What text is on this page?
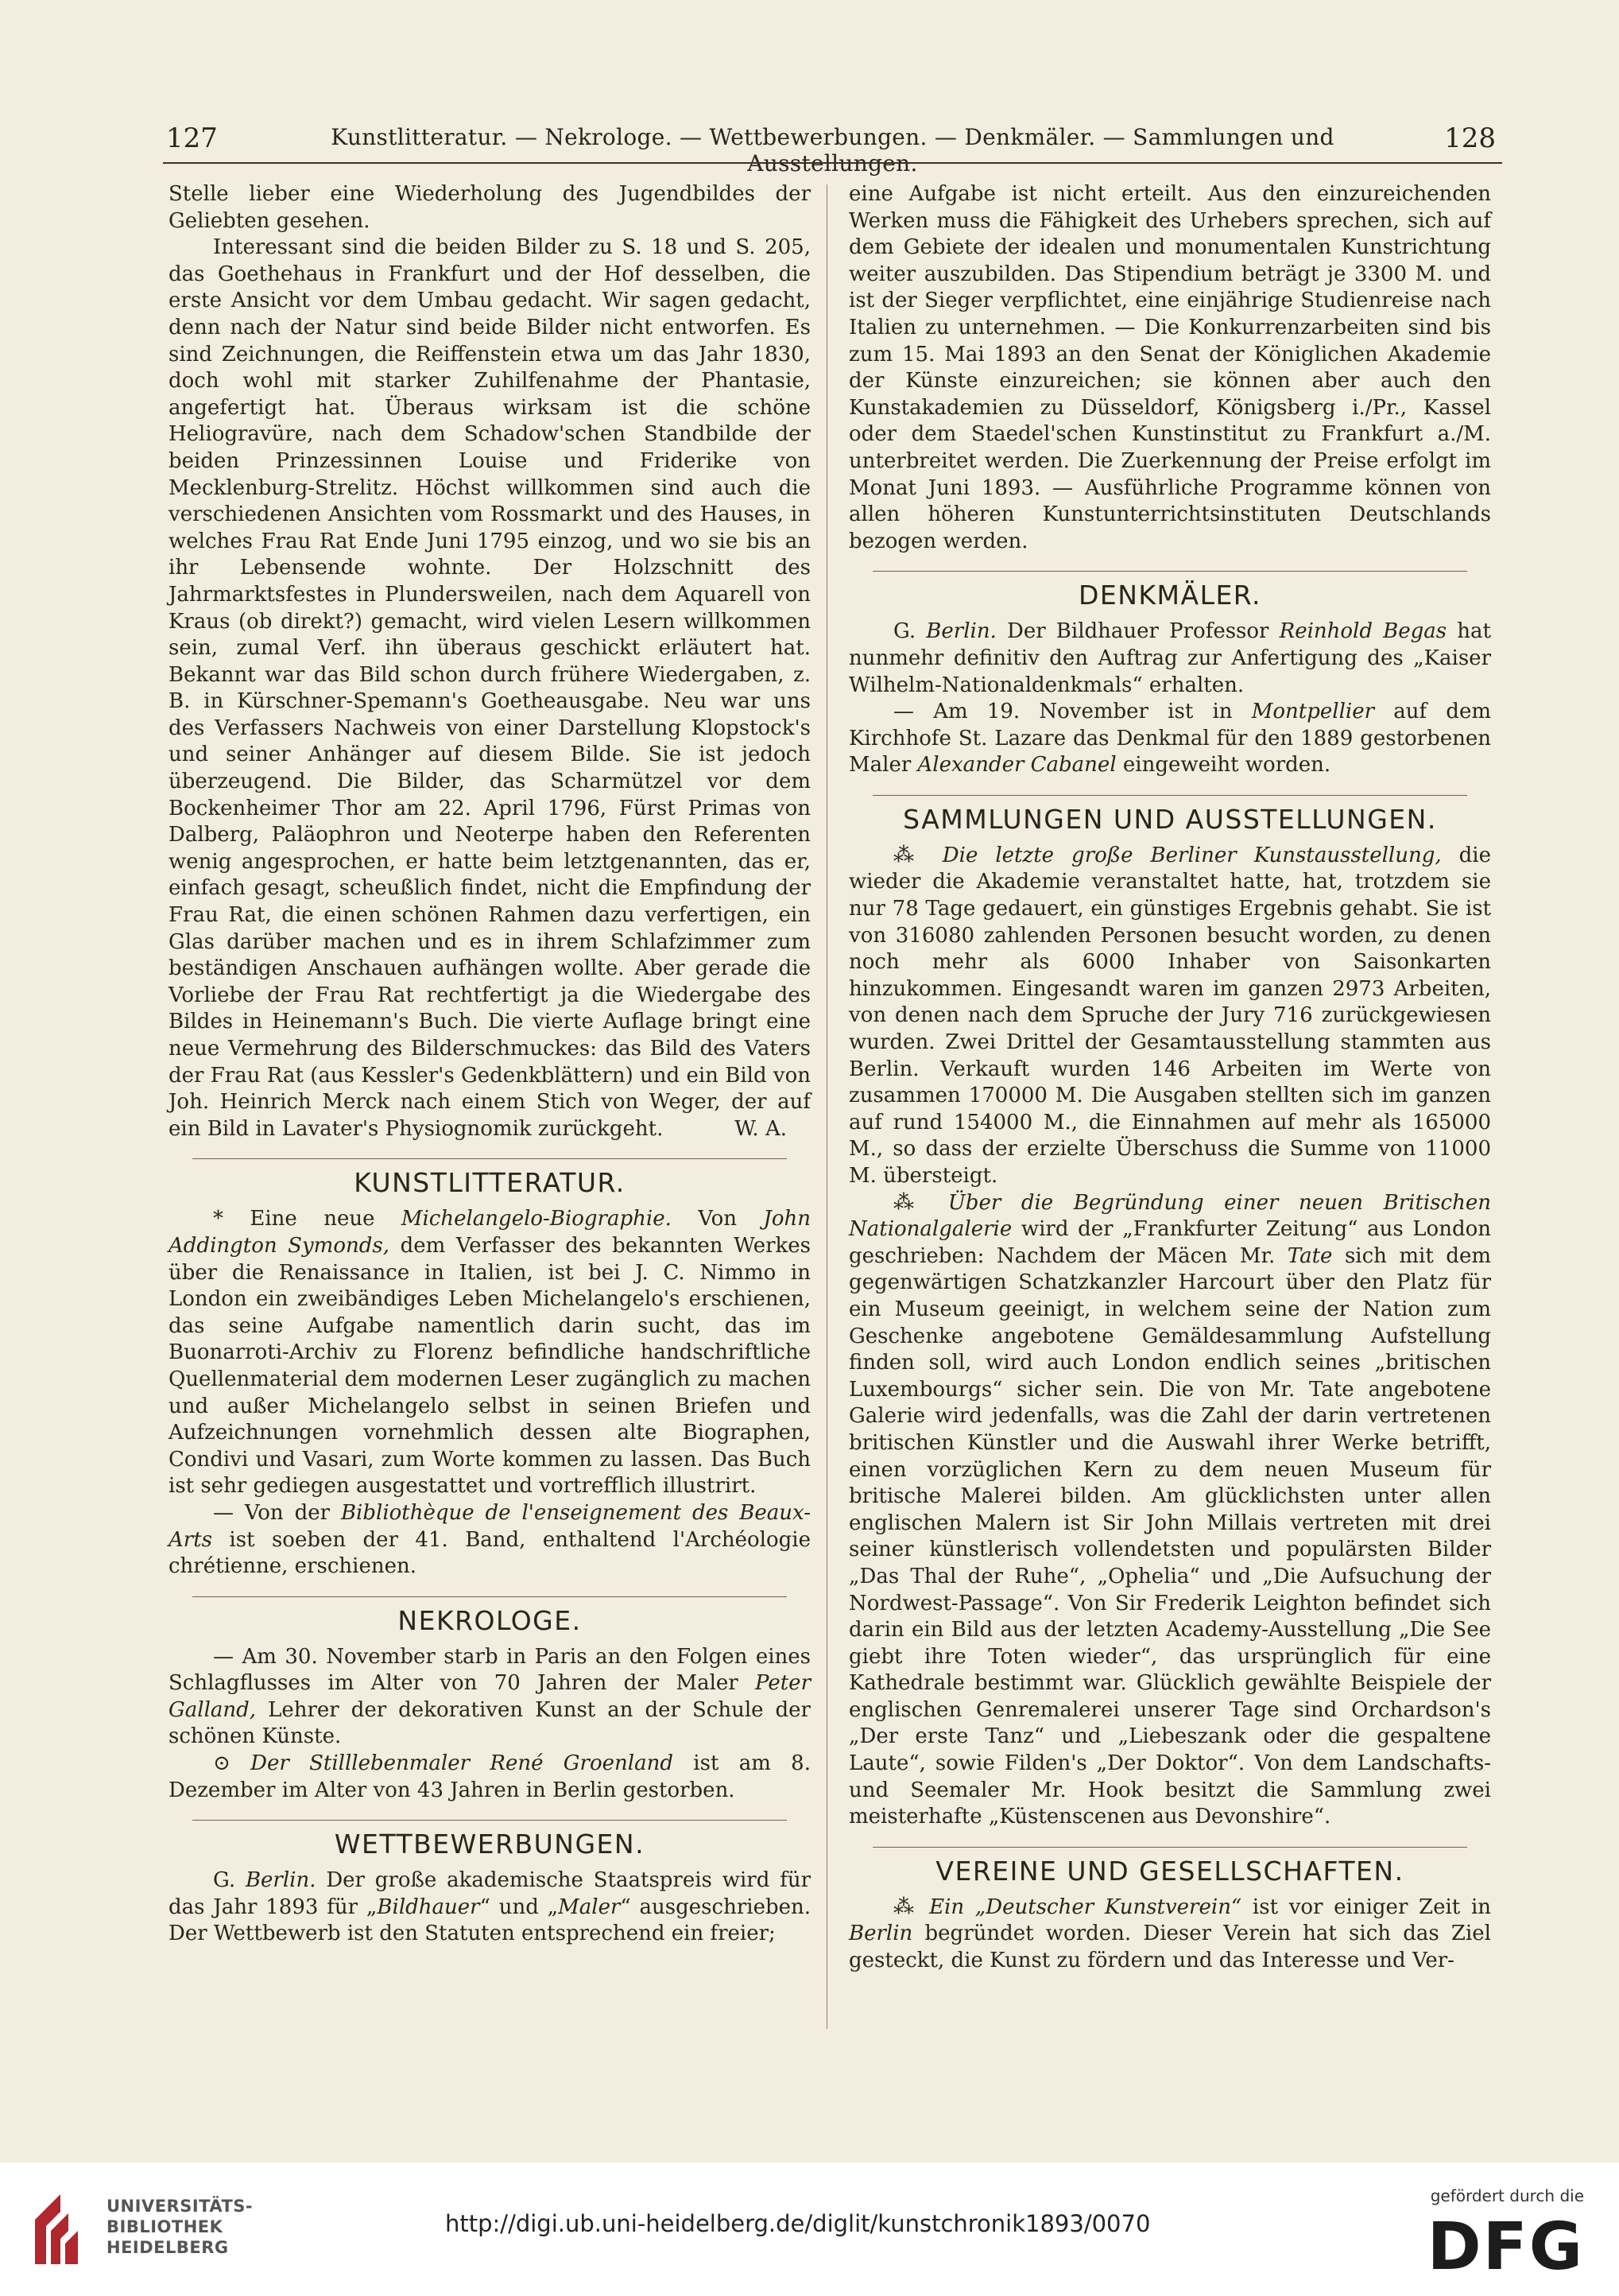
127	Kunstlitteratur. — Nekrologe. — Wettbewerbungen. — Denkmäler. — Sammlungen und Ausstellungen.
128

Stelle lieber eine Wiederholung des Jugendbildes der Geliebten gesehen.

Interessant sind die beiden Bilder zu S. 18 und S. 205, das Goethehaus in Frankfurt und der Hof desselben, die erste Ansicht vor dem Umbau gedacht. Wir sagen gedacht, denn nach der Natur sind beide Bilder nicht entworfen. Es sind Zeichnungen, die Reiffenstein etwa um das Jahr 1830, doch wohl mit starker Zuhilfenahme der Phantasie, angefertigt hat. Überaus wirksam ist die schöne Heliogravüre, nach dem Schadow'schen Standbilde der beiden Prinzessinnen Louise und Friderike von Mecklenburg-Strelitz. Höchst willkommen sind auch die verschiedenen Ansichten vom Rossmarkt und des Hauses, in welches Frau Rat Ende Juni 1795 einzog, und wo sie bis an ihr Lebensende wohnte. Der Holzschnitt des Jahrmarktsfestes in Plundersweilen, nach dem Aquarell von Kraus (ob direkt?) gemacht, wird vielen Lesern willkommen sein, zumal Verf. ihn überaus geschickt erläutert hat. Bekannt war das Bild schon durch frühere Wiedergaben, z. B. in Kürschner-Spemann's Goetheausgabe. Neu war uns des Verfassers Nachweis von einer Darstellung Klopstock's und seiner Anhänger auf diesem Bilde. Sie ist jedoch überzeugend. Die Bilder, das Scharmützel vor dem Bockenheimer Thor am 22. April 1796, Fürst Primas von Dalberg, Paläophron und Neoterpe haben den Referenten wenig angesprochen, er hatte beim letztgenannten, das er, einfach gesagt, scheußlich findet, nicht die Empfindung der Frau Rat, die einen schönen Rahmen dazu verfertigen, ein Glas darüber machen und es in ihrem Schlafzimmer zum beständigen Anschauen aufhängen wollte. Aber gerade die Vorliebe der Frau Rat rechtfertigt ja die Wiedergabe des Bildes in Heinemann's Buch. Die vierte Auflage bringt eine neue Vermehrung des Bilderschmuckes: das Bild des Vaters der Frau Rat (aus Kessler's Gedenkblättern) und ein Bild von Joh. Heinrich Merck nach einem Stich von Weger, der auf ein Bild in Lavater's Physiognomik zurückgeht.	W. A.

KUNSTLITTERATUR.

* Eine neue Michelangelo-Biographie. Von John Addington Symonds, dem Verfasser des bekannten Werkes über die Renaissance in Italien, ist bei J. C. Nimmo in London ein zweibändiges Leben Michelangelo's erschienen, das seine Aufgabe namentlich darin sucht, das im Buonarroti-Archiv zu Florenz befindliche handschriftliche Quellenmaterial dem modernen Leser zugänglich zu machen und außer Michelangelo selbst in seinen Briefen und Aufzeichnungen vornehmlich dessen alte Biographen, Condivi und Vasari, zum Worte kommen zu lassen. Das Buch ist sehr gediegen ausgestattet und vortrefflich illustrirt.

— Von der Bibliothèque de l'enseignement des Beaux-Arts ist soeben der 41. Band, enthaltend l'Archéologie chrétienne, erschienen.

NEKROLOGE.

— Am 30. November starb in Paris an den Folgen eines Schlagflusses im Alter von 70 Jahren der Maler Peter Galland, Lehrer der dekorativen Kunst an der Schule der schönen Künste.

⊙ Der Stilllebenmaler René Groenland ist am 8. Dezember im Alter von 43 Jahren in Berlin gestorben.

WETTBEWERBUNGEN.

G. Berlin. Der große akademische Staatspreis wird für das Jahr 1893 für „Bildhauer“ und „Maler“ ausgeschrieben. Der Wettbewerb ist den Statuten entsprechend ein freier;

eine Aufgabe ist nicht erteilt. Aus den einzureichenden Werken muss die Fähigkeit des Urhebers sprechen, sich auf dem Gebiete der idealen und monumentalen Kunstrichtung weiter auszubilden. Das Stipendium beträgt je 3300 M. und ist der Sieger verpflichtet, eine einjährige Studienreise nach Italien zu unternehmen. — Die Konkurrenzarbeiten sind bis zum 15. Mai 1893 an den Senat der Königlichen Akademie der Künste einzureichen; sie können aber auch den Kunstakademien zu Düsseldorf, Königsberg i./Pr., Kassel oder dem Staedel'schen Kunstinstitut zu Frankfurt a./M. unterbreitet werden. Die Zuerkennung der Preise erfolgt im Monat Juni 1893. — Ausführliche Programme können von allen höheren Kunstunterrichtsinstituten Deutschlands bezogen werden.

DENKMÄLER.

G. Berlin. Der Bildhauer Professor Reinhold Begas hat nunmehr definitiv den Auftrag zur Anfertigung des „Kaiser Wilhelm-Nationaldenkmals“ erhalten.

— Am 19. November ist in Montpellier auf dem Kirchhofe St. Lazare das Denkmal für den 1889 gestorbenen Maler Alexander Cabanel eingeweiht worden.

SAMMLUNGEN UND AUSSTELLUNGEN.

⁂ Die letzte große Berliner Kunstausstellung, die wieder die Akademie veranstaltet hatte, hat, trotzdem sie nur 78 Tage gedauert, ein günstiges Ergebnis gehabt. Sie ist von 316080 zahlenden Personen besucht worden, zu denen noch mehr als 6000 Inhaber von Saisonkarten hinzukommen. Eingesandt waren im ganzen 2973 Arbeiten, von denen nach dem Spruche der Jury 716 zurückgewiesen wurden. Zwei Drittel der Gesamtausstellung stammten aus Berlin. Verkauft wurden 146 Arbeiten im Werte von zusammen 170000 M. Die Ausgaben stellten sich im ganzen auf rund 154000 M., die Einnahmen auf mehr als 165000 M., so dass der erzielte Überschuss die Summe von 11000 M. übersteigt.

⁂ Über die Begründung einer neuen Britischen Nationalgalerie wird der „Frankfurter Zeitung“ aus London geschrieben: Nachdem der Mäcen Mr. Tate sich mit dem gegenwärtigen Schatzkanzler Harcourt über den Platz für ein Museum geeinigt, in welchem seine der Nation zum Geschenke angebotene Gemäldesammlung Aufstellung finden soll, wird auch London endlich seines „britischen Luxembourgs“ sicher sein. Die von Mr. Tate angebotene Galerie wird jedenfalls, was die Zahl der darin vertretenen britischen Künstler und die Auswahl ihrer Werke betrifft, einen vorzüglichen Kern zu dem neuen Museum für britische Malerei bilden. Am glücklichsten unter allen englischen Malern ist Sir John Millais vertreten mit drei seiner künstlerisch vollendetsten und populärsten Bilder „Das Thal der Ruhe“, „Ophelia“ und „Die Aufsuchung der Nordwest-Passage“. Von Sir Frederik Leighton befindet sich darin ein Bild aus der letzten Academy-Ausstellung „Die See giebt ihre Toten wieder“, das ursprünglich für eine Kathedrale bestimmt war. Glücklich gewählte Beispiele der englischen Genremalerei unserer Tage sind Orchardson's „Der erste Tanz“ und „Liebeszank oder die gespaltene Laute“, sowie Filden's „Der Doktor“. Von dem Landschafts- und Seemaler Mr. Hook besitzt die Sammlung zwei meisterhafte „Küstenscenen aus Devonshire“.

VEREINE UND GESELLSCHAFTEN.

⁂ Ein „Deutscher Kunstverein“ ist vor einiger Zeit in Berlin begründet worden. Dieser Verein hat sich das Ziel gesteckt, die Kunst zu fördern und das Interesse und Ver-

UNIVERSITÄTS-
BIBLIOTHEK
HEIDELBERG
http://digi.ub.uni-heidelberg.de/diglit/kunstchronik1893/0070
gefördert durch die
DFG
